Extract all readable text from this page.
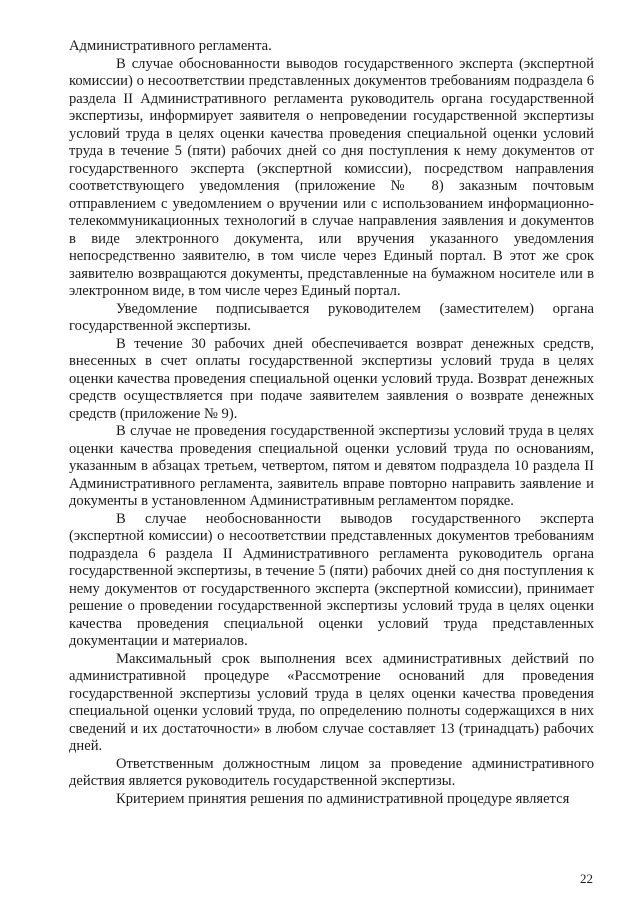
Административного регламента.

В случае обоснованности выводов государственного эксперта (экспертной комиссии) о несоответствии представленных документов требованиям подраздела 6 раздела II Административного регламента руководитель органа государственной экспертизы, информирует заявителя о непроведении государственной экспертизы условий труда в целях оценки качества проведения специальной оценки условий труда в течение 5 (пяти) рабочих дней со дня поступления к нему документов от государственного эксперта (экспертной комиссии), посредством направления соответствующего уведомления (приложение № 8) заказным почтовым отправлением с уведомлением о вручении или с использованием информационно-телекоммуникационных технологий в случае направления заявления и документов в виде электронного документа, или вручения указанного уведомления непосредственно заявителю, в том числе через Единый портал. В этот же срок заявителю возвращаются документы, представленные на бумажном носителе или в электронном виде, в том числе через Единый портал.

Уведомление подписывается руководителем (заместителем) органа государственной экспертизы.

В течение 30 рабочих дней обеспечивается возврат денежных средств, внесенных в счет оплаты государственной экспертизы условий труда в целях оценки качества проведения специальной оценки условий труда. Возврат денежных средств осуществляется при подаче заявителем заявления о возврате денежных средств (приложение № 9).

В случае не проведения государственной экспертизы условий труда в целях оценки качества проведения специальной оценки условий труда по основаниям, указанным в абзацах третьем, четвертом, пятом и девятом подраздела 10 раздела II Административного регламента, заявитель вправе повторно направить заявление и документы в установленном Административным регламентом порядке.

В случае необоснованности выводов государственного эксперта (экспертной комиссии) о несоответствии представленных документов требованиям подраздела 6 раздела II Административного регламента руководитель органа государственной экспертизы, в течение 5 (пяти) рабочих дней со дня поступления к нему документов от государственного эксперта (экспертной комиссии), принимает решение о проведении государственной экспертизы условий труда в целях оценки качества проведения специальной оценки условий труда представленных документации и материалов.

Максимальный срок выполнения всех административных действий по административной процедуре «Рассмотрение оснований для проведения государственной экспертизы условий труда в целях оценки качества проведения специальной оценки условий труда, по определению полноты содержащихся в них сведений и их достаточности» в любом случае составляет 13 (тринадцать) рабочих дней.

Ответственным должностным лицом за проведение административного действия является руководитель государственной экспертизы.

Критерием принятия решения по административной процедуре является

22
